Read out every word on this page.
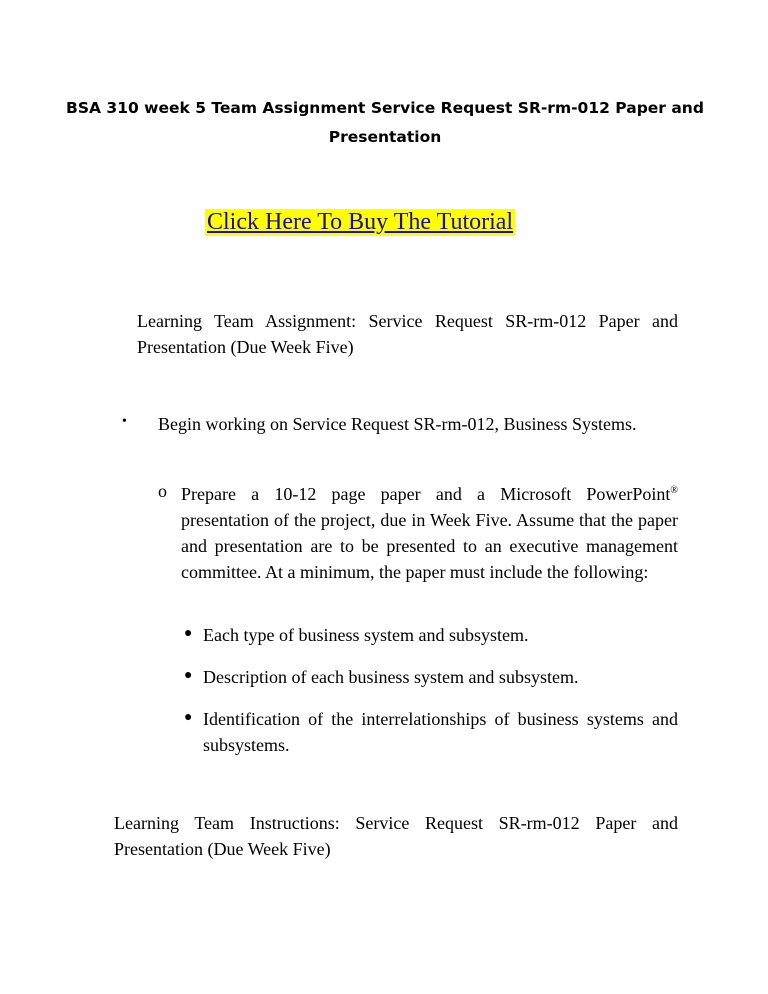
BSA 310 week 5 Team Assignment Service Request SR-rm-012 Paper and Presentation
Click Here To Buy The Tutorial
Learning Team Assignment: Service Request SR-rm-012 Paper and Presentation (Due Week Five)
• Begin working on Service Request SR-rm-012, Business Systems.
o Prepare a 10-12 page paper and a Microsoft PowerPoint® presentation of the project, due in Week Five. Assume that the paper and presentation are to be presented to an executive management committee. At a minimum, the paper must include the following:
● Each type of business system and subsystem.
● Description of each business system and subsystem.
● Identification of the interrelationships of business systems and subsystems.
Learning Team Instructions: Service Request SR-rm-012 Paper and Presentation (Due Week Five)
